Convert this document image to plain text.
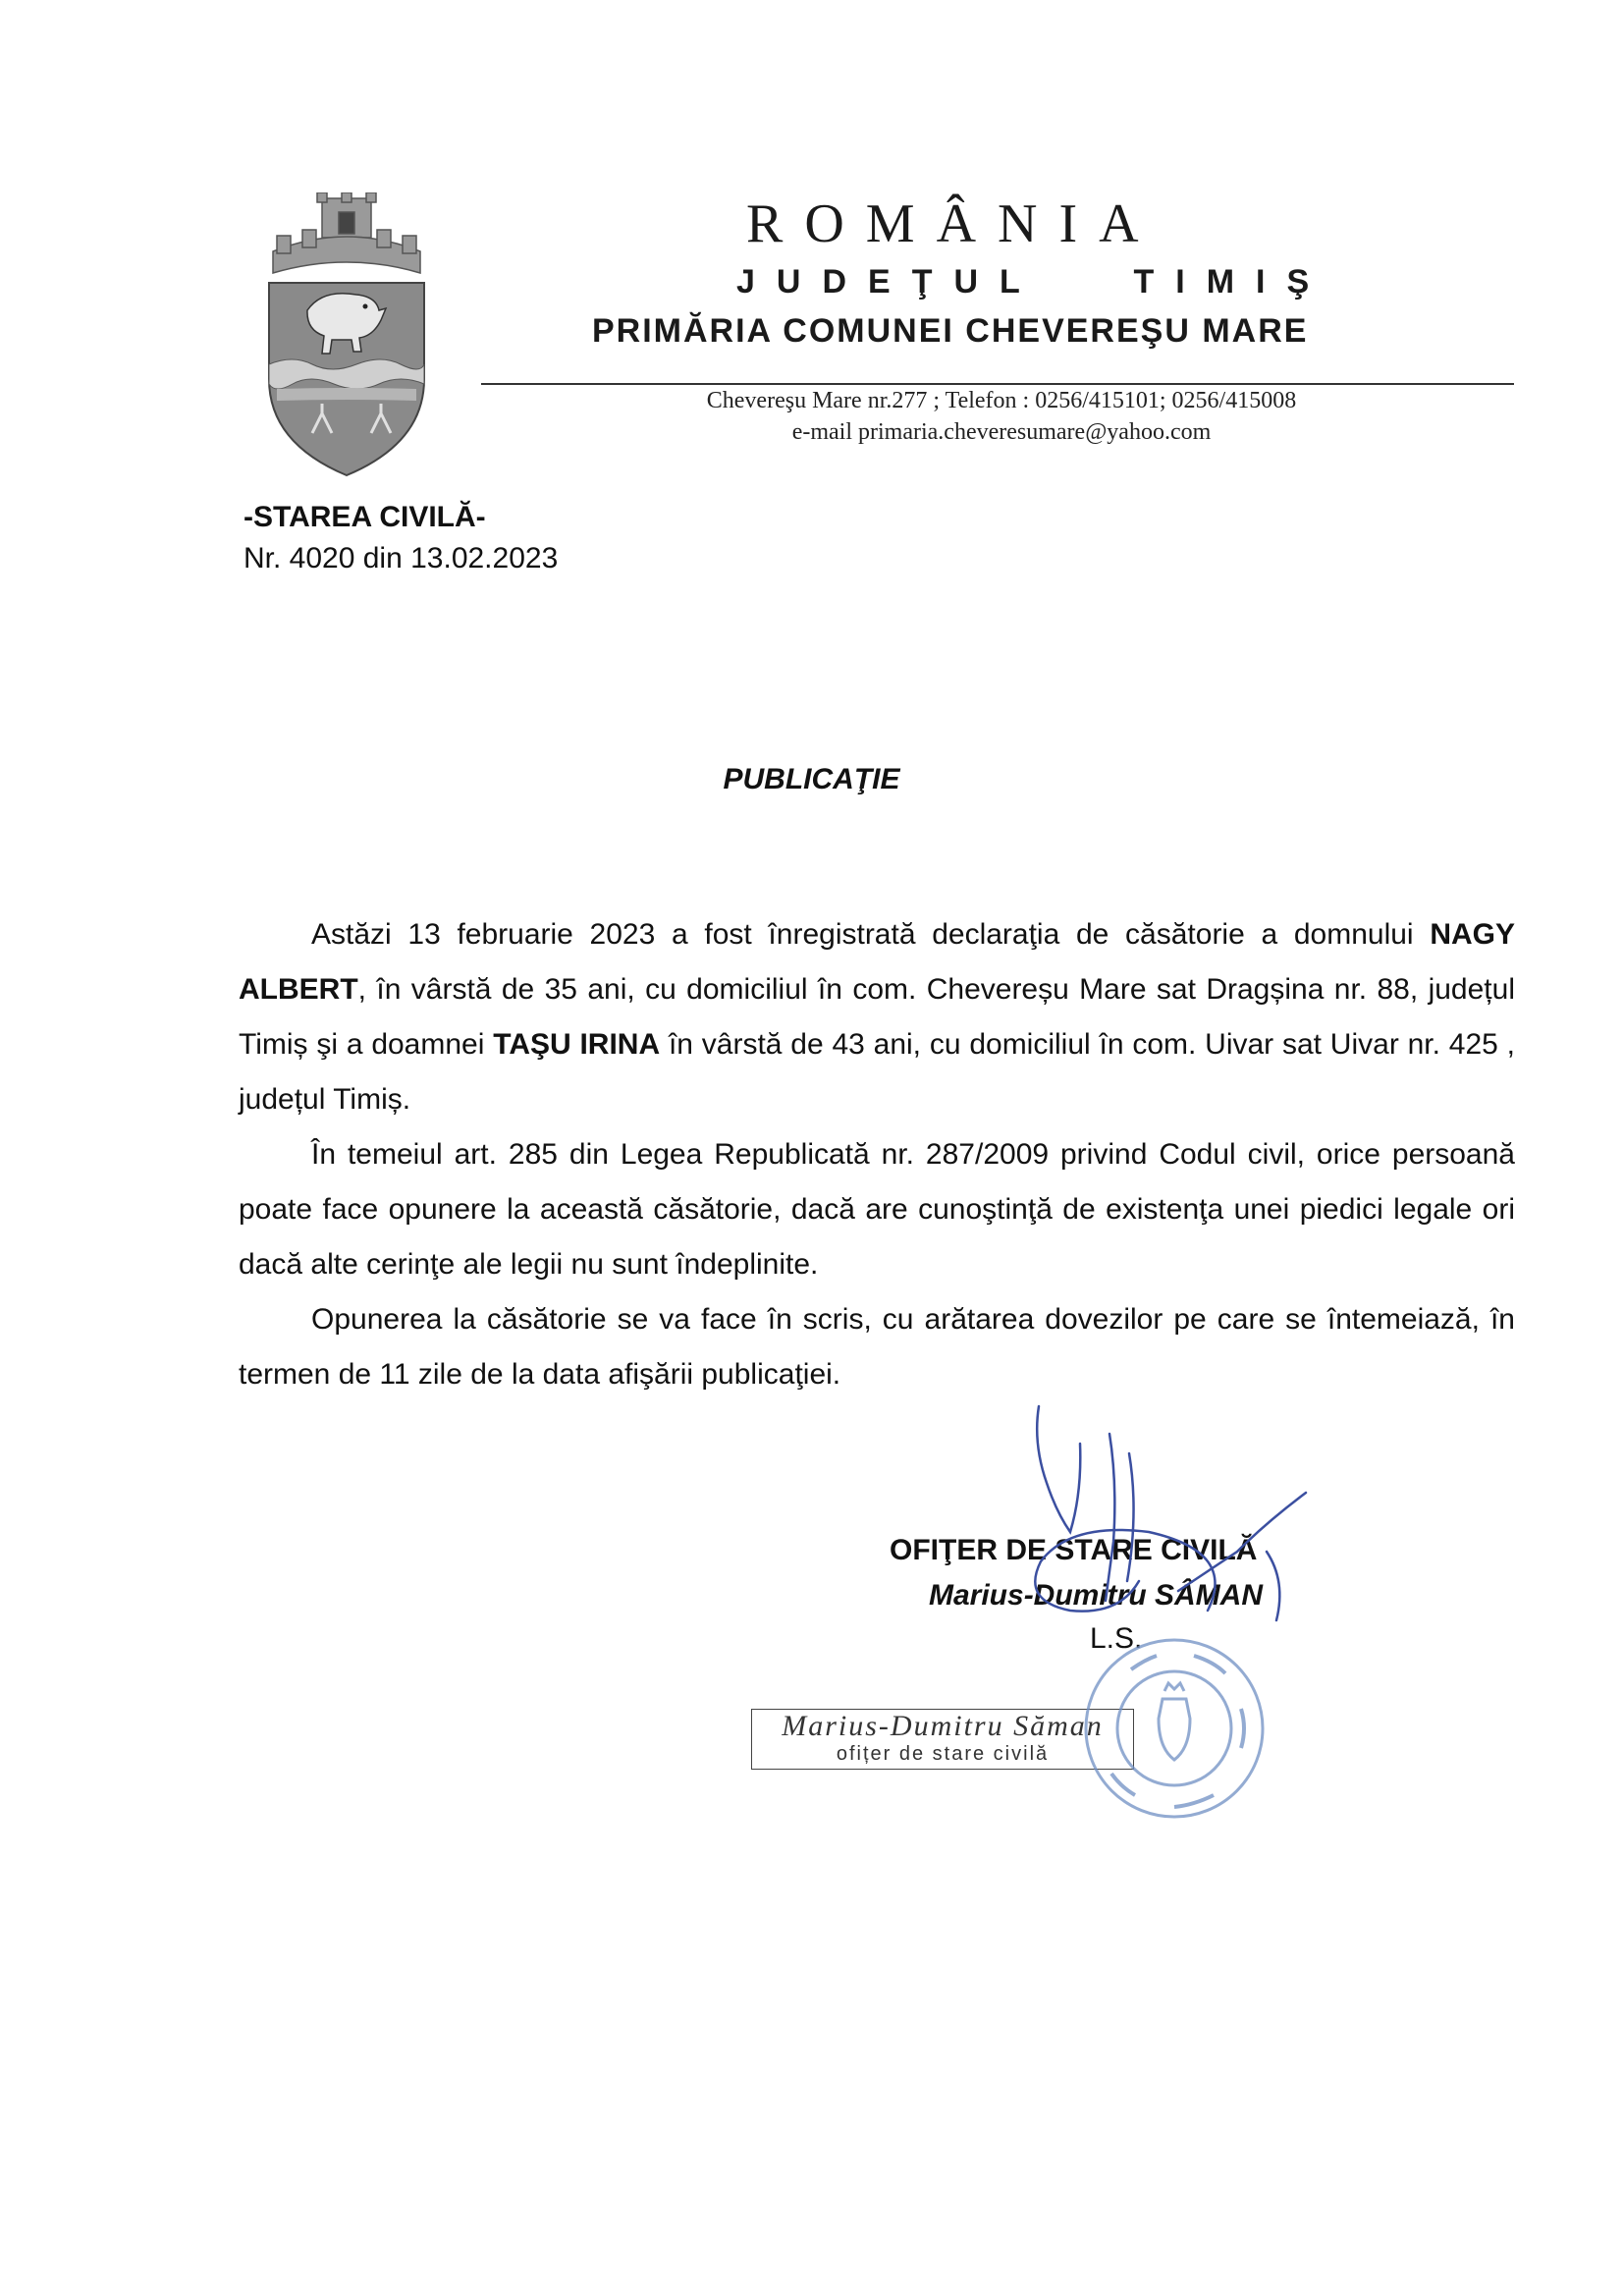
ROMÂNIA
JUDEŢUL   TIMIŞ
PRIMĂRIA COMUNEI CHEVEREŞU MARE
Chevereşu Mare nr.277 ; Telefon : 0256/415101; 0256/415008
e-mail primaria.cheveresumare@yahoo.com
-STAREA CIVILĂ-
Nr. 4020 din 13.02.2023
PUBLICAŢIE

Astăzi 13 februarie 2023 a fost înregistrată declaraţia de căsătorie a domnului NAGY ALBERT, în vârstă de 35 ani, cu domiciliul în com. Chevereșu Mare sat Dragșina nr. 88, județul Timiș şi a doamnei TAŞU IRINA în vârstă de 43 ani, cu domiciliul în com. Uivar sat Uivar nr. 425 , județul Timiș.

În temeiul art. 285 din Legea Republicată nr. 287/2009 privind Codul civil, orice persoană poate face opunere la această căsătorie, dacă are cunoştinţă de existenţa unei piedici legale ori dacă alte cerinţe ale legii nu sunt îndeplinite.

Opunerea la căsătorie se va face în scris, cu arătarea dovezilor pe care se întemeiază, în termen de 11 zile de la data afişării publicaţiei.

OFIŢER DE STARE CIVILĂ
Marius-Dumitru SÂMAN
L.S.
Marius-Dumitru Săman
ofițer de stare civilă
